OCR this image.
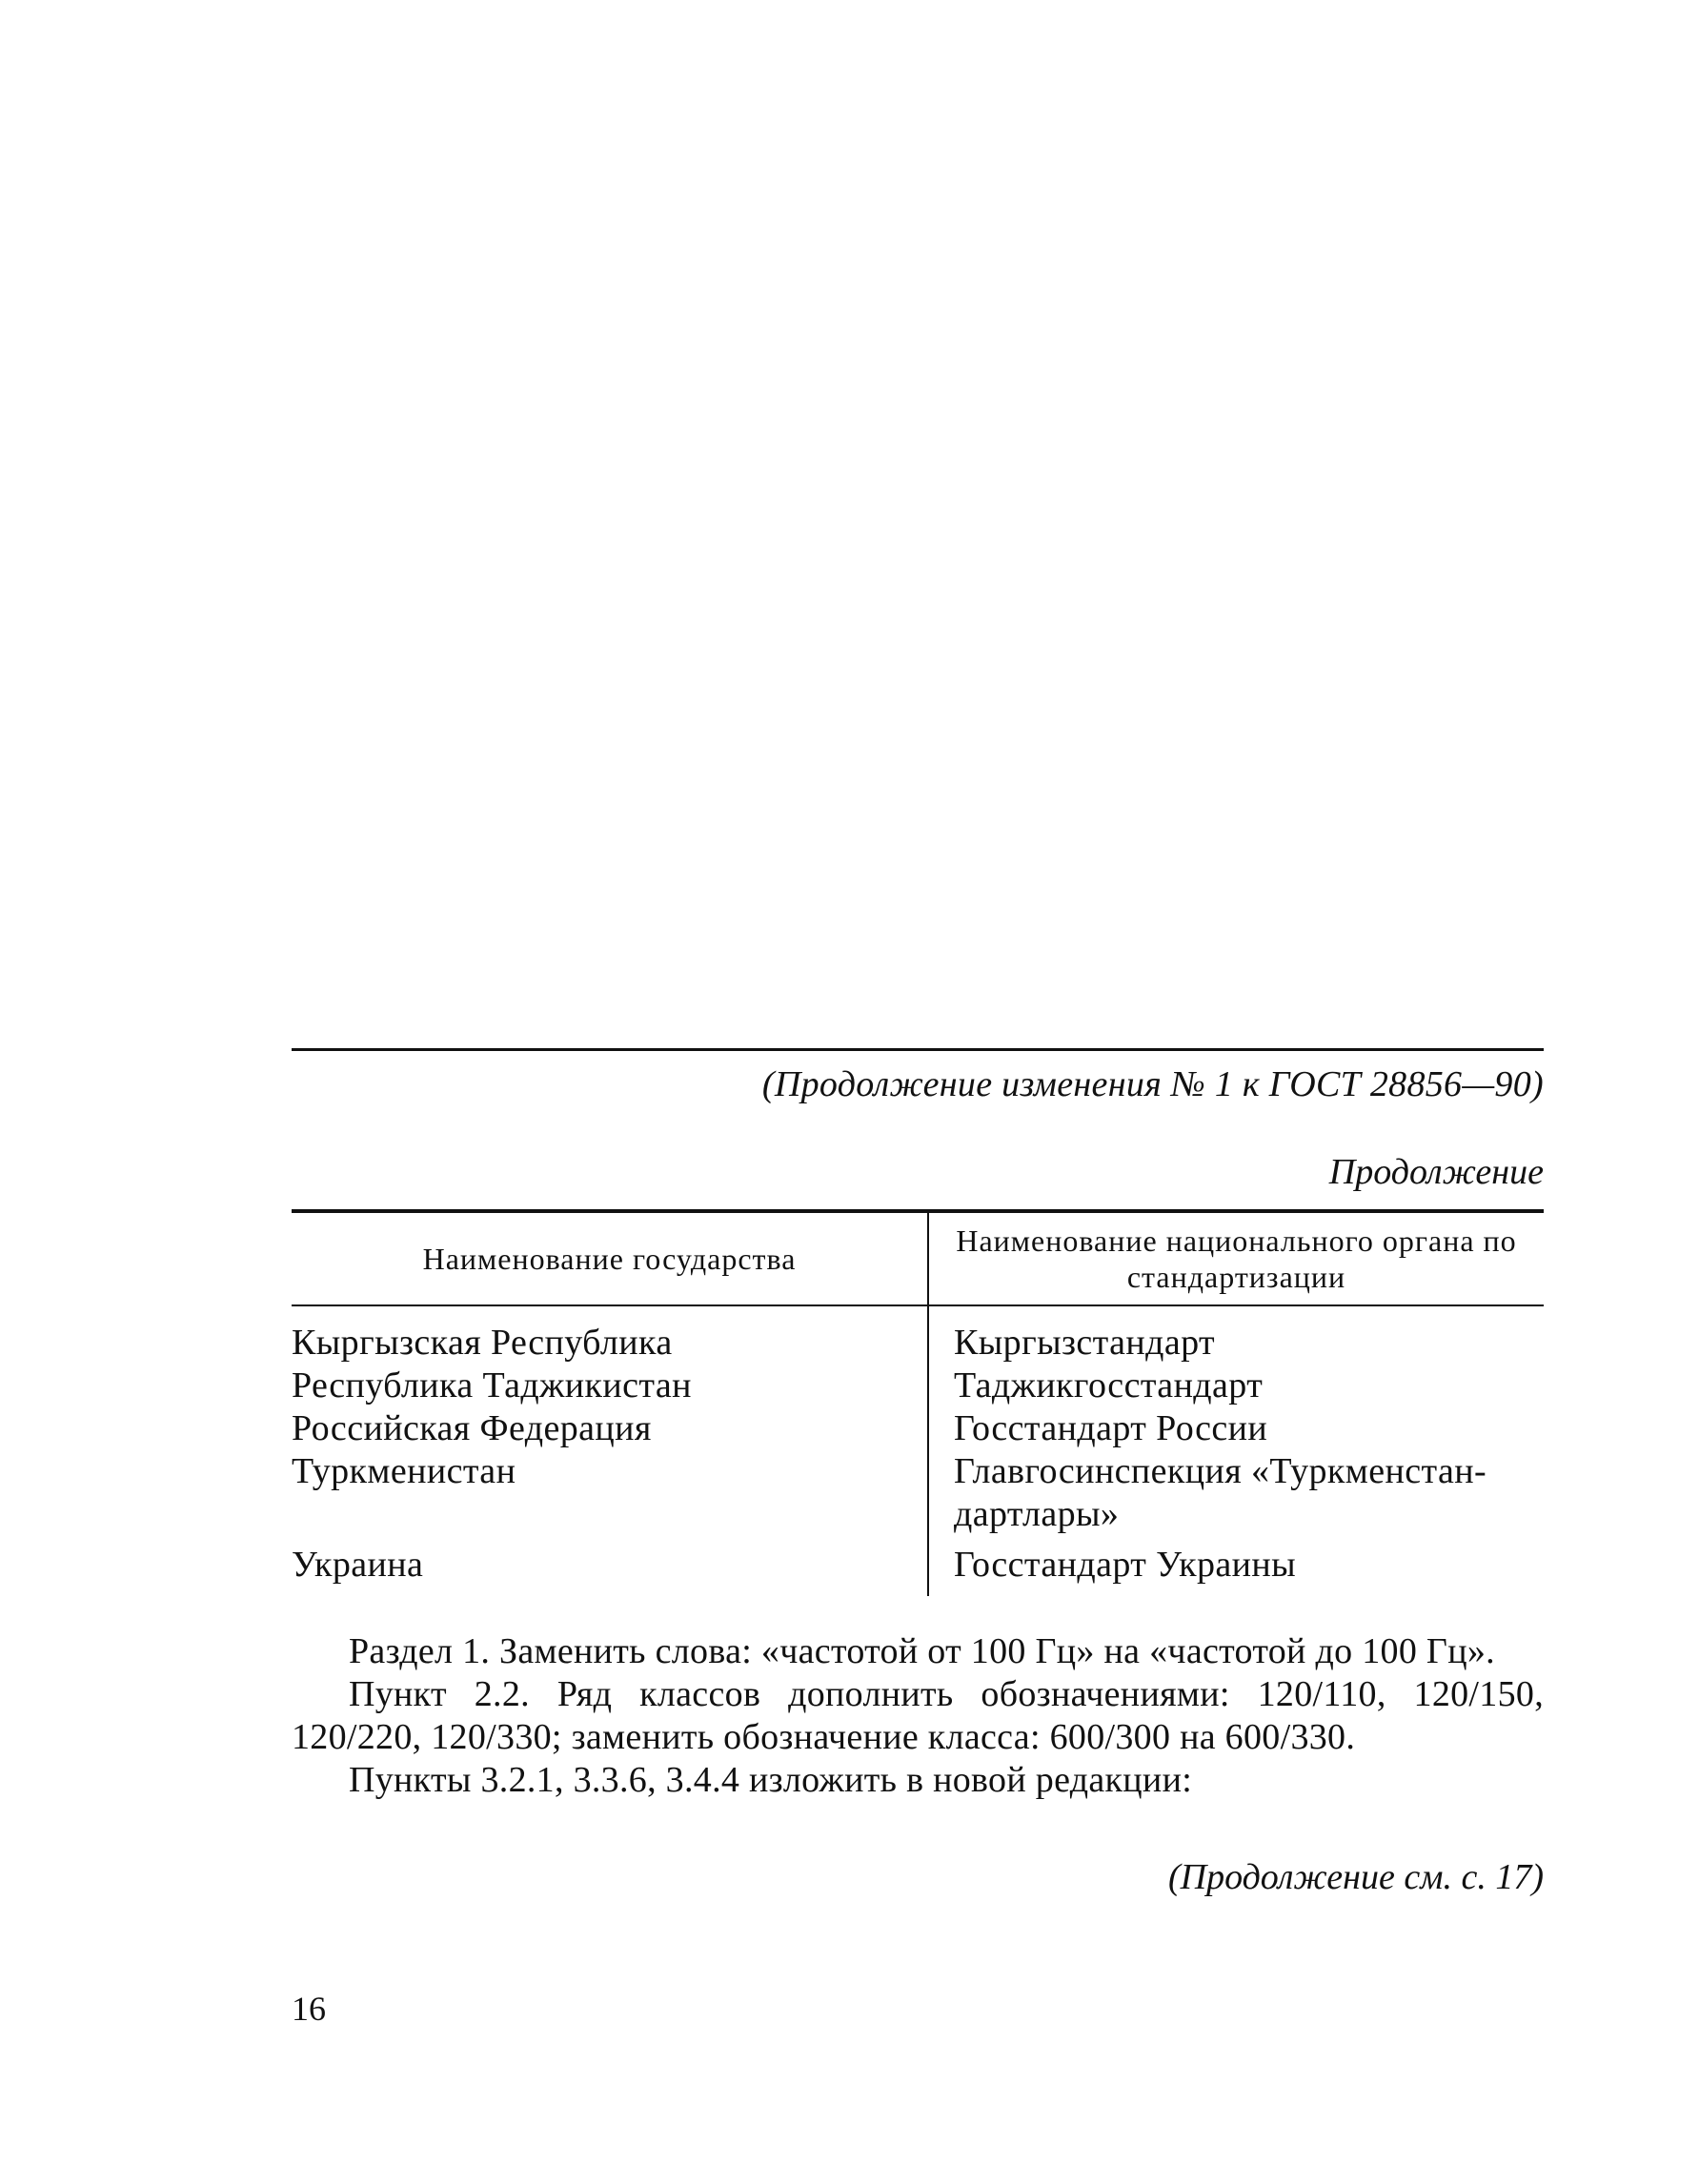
(Продолжение изменения № 1 к ГОСТ 28856—90)
Продолжение
Наименование государства	Наименование национального органа по стандартизации
Кыргызская Республика	Кыргызстандарт
Республика Таджикистан	Таджикгосстандарт
Российская Федерация	Госстандарт России
Туркменистан	Главгосинспекция «Туркменстан-дартлары»
Украина	Госстандарт Украины

Раздел 1. Заменить слова: «частотой от 100 Гц» на «частотой до 100 Гц».

Пункт 2.2. Ряд классов дополнить обозначениями: 120/110, 120/150, 120/220, 120/330; заменить обозначение класса: 600/300 на 600/330.

Пункты 3.2.1, 3.3.6, 3.4.4 изложить в новой редакции:

(Продолжение см. с. 17)
16
